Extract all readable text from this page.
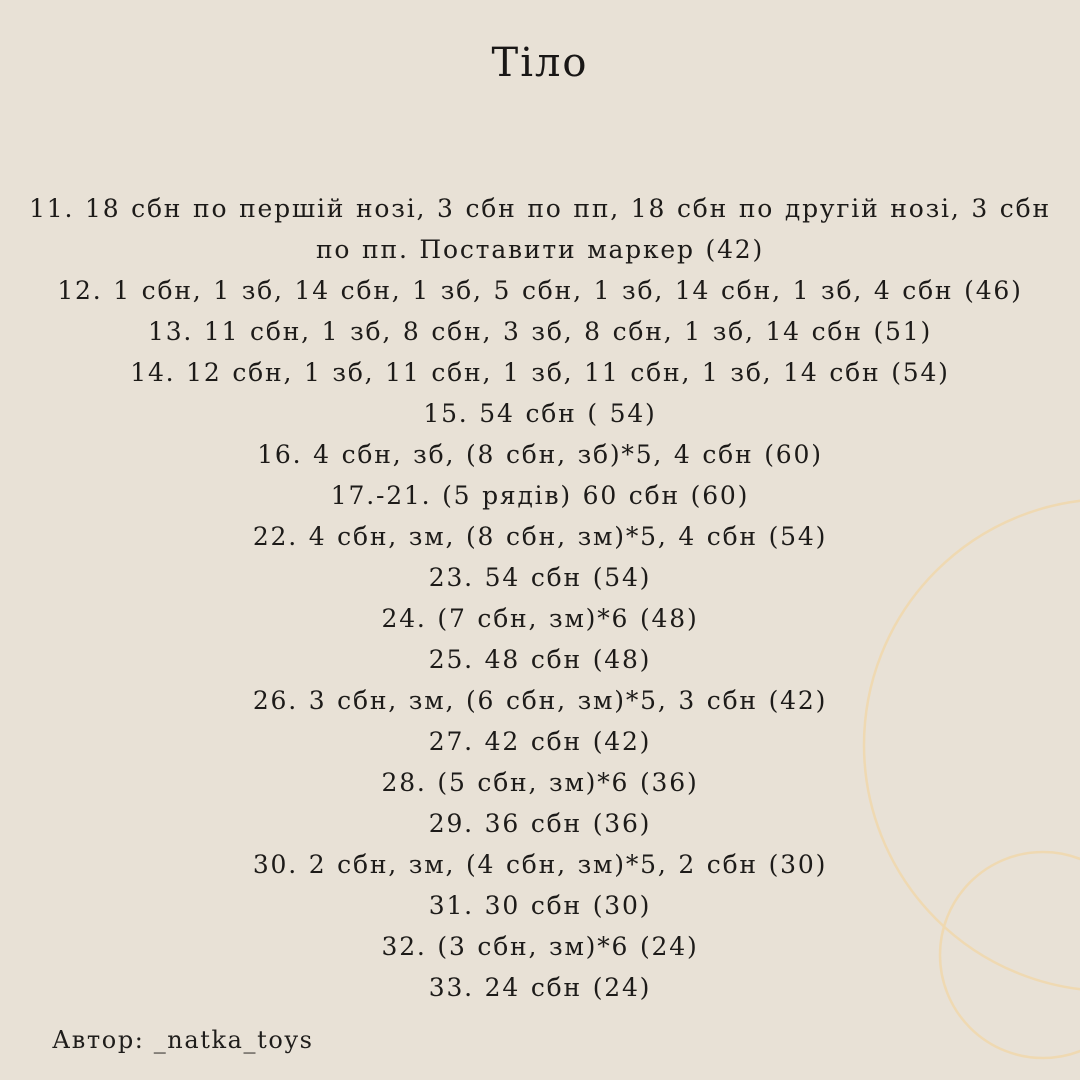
Тіло
11. 18 сбн по першій нозі, 3 сбн по пп, 18 сбн по другій нозі, 3 сбн по пп. Поставити маркер (42)
12. 1 сбн, 1 зб, 14 сбн, 1 зб, 5 сбн, 1 зб, 14 сбн, 1 зб, 4 сбн (46)
13. 11 сбн, 1 зб, 8 сбн, 3 зб, 8 сбн, 1 зб, 14 сбн (51)
14. 12 сбн, 1 зб, 11 сбн, 1 зб, 11 сбн, 1 зб, 14 сбн (54)
15. 54 сбн ( 54)
16. 4 сбн, зб, (8 сбн, зб)*5, 4 сбн (60)
17.-21. (5 рядів) 60 сбн (60)
22. 4 сбн, зм, (8 сбн, зм)*5, 4 сбн (54)
23. 54 сбн (54)
24. (7 сбн, зм)*6 (48)
25. 48 сбн (48)
26. 3 сбн, зм, (6 сбн, зм)*5, 3 сбн (42)
27. 42 сбн (42)
28. (5 сбн, зм)*6 (36)
29. 36 сбн (36)
30. 2 сбн, зм, (4 сбн, зм)*5, 2 сбн (30)
31. 30 сбн (30)
32. (3 сбн, зм)*6 (24)
33. 24 сбн (24)
Автор: _natka_toys
